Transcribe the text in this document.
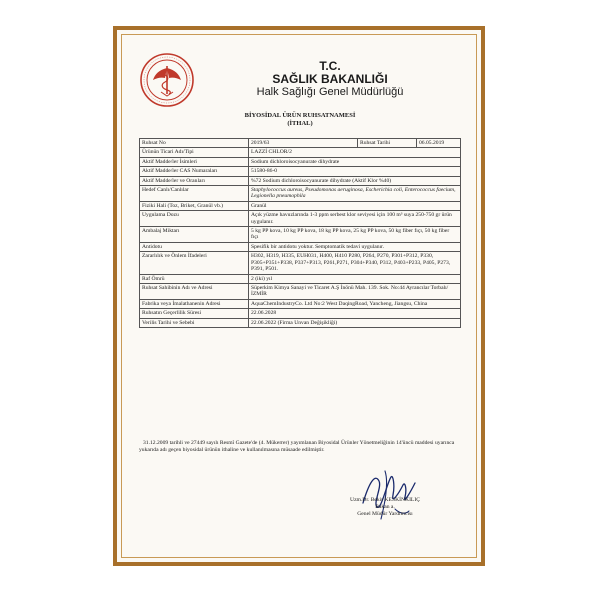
T.C.
SAĞLIK BAKANLIĞI
Halk Sağlığı Genel Müdürlüğü
BİYOSİDAL ÜRÜN RUHSATNAMESİ
(İTHAL)
Ruhsat No	2019/63	Ruhsat Tarihi	06.05.2019
Ürünün Ticari Adı/Tipi	LAZZİ CHLOR/2		
Aktif Madde/ler İsimleri	Sodium dichloroisocyanurate dihydrate		
Aktif Madde/ler CAS Numaraları	51580-86-0		
Aktif Madde/ler ve Oranları	%72 Sodium dichloroisocyanurate dihydrate (Aktif Klor %40)		
Hedef Canlı/Canlılar	Staphylococcus aureus, Pseudomonas aeruginosa, Escherichia coli, Enterococcus faecium, Legionella pneumophila		
Fiziki Hali (Toz, Briket, Granül vb.)	Granül		
Uygulama Dozu	Açık yüzme havuzlarında 1-3 ppm serbest klor seviyesi için 100 m³ suya 250-750 gr ürün uygulanır.		
Ambalaj Miktarı	5 kg PP kova, 10 kg PP kova, 18 kg PP kova, 25 kg PP kova, 50 kg fiber fıçı, 50 kg fiber fıçı		
Antidotu	Spesifik bir antidotu yoktur. Semptomatik tedavi uygulanır.		
Zararlılık ve Önlem İfadeleri	H302, H319, H335, EUH031, H400, H410 P280, P264, P270, P301+P312, P330, P305+P351+P338, P337+P313, P261,P271, P304+P340, P312, P403+P233, P405, P273, P391, P501.		
Raf Ömrü	2 (iki) yıl		
Ruhsat Sahibinin Adı ve Adresi	Süperkim Kimya Sanayi ve Ticaret A.Ş İnönü Mah. 139. Sok. No:44 Ayrancılar Torbalı/İZMİR		
Fabrika veya İmalathanenin Adresi	AquaChemIndustryCo. Ltd No:2 West DaqingRoad, Yancheng, Jiangsu, China		
Ruhsatın Geçerlilik Süresi	22.06.2028		
Verilis Tarihi ve Sebebi	22.06.2022 (Firma Unvan Değişikliği)		
31.12.2009 tarihli ve 27449 sayılı Resmî Gazete'de (4. Mükerrer) yayımlanan Biyosidal Ürünler Yönetmeliğinin 14'üncü maddesi uyarınca yukarıda adı geçen biyosidal ürünün ithaline ve kullanılmasına müsaade edilmiştir.
Uzm.Dr. Bekir KESKİNKILIÇ
Bakan a.
Genel Müdür Yardımcısı
